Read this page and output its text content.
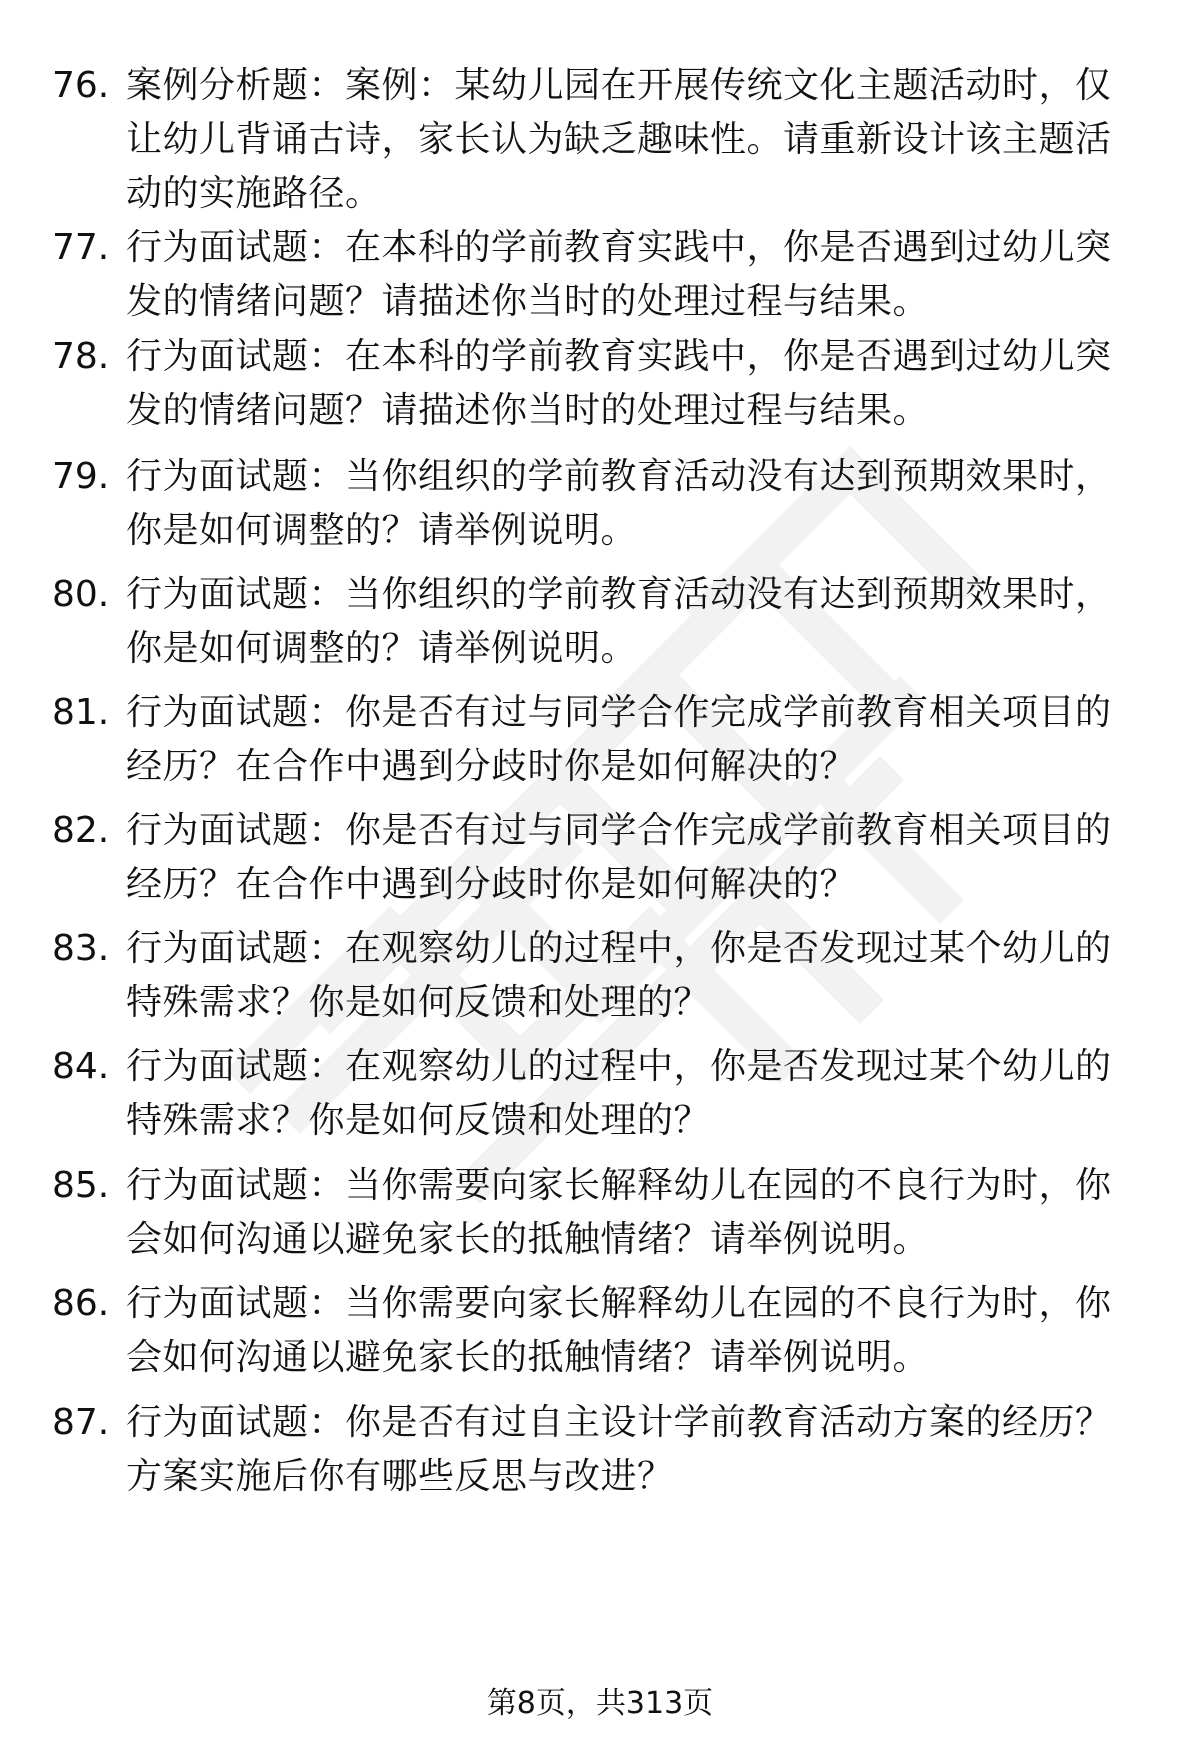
76. 案例分析题：案例：某幼儿园在开展传统文化主题活动时，仅让幼儿背诵古诗，家长认为缺乏趣味性。请重新设计该主题活动的实施路径。
77. 行为面试题：在本科的学前教育实践中，你是否遇到过幼儿突发的情绪问题？请描述你当时的处理过程与结果。
78. 行为面试题：在本科的学前教育实践中，你是否遇到过幼儿突发的情绪问题？请描述你当时的处理过程与结果。
79. 行为面试题：当你组织的学前教育活动没有达到预期效果时，你是如何调整的？请举例说明。
80. 行为面试题：当你组织的学前教育活动没有达到预期效果时，你是如何调整的？请举例说明。
81. 行为面试题：你是否有过与同学合作完成学前教育相关项目的经历？在合作中遇到分歧时你是如何解决的？
82. 行为面试题：你是否有过与同学合作完成学前教育相关项目的经历？在合作中遇到分歧时你是如何解决的？
83. 行为面试题：在观察幼儿的过程中，你是否发现过某个幼儿的特殊需求？你是如何反馈和处理的？
84. 行为面试题：在观察幼儿的过程中，你是否发现过某个幼儿的特殊需求？你是如何反馈和处理的？
85. 行为面试题：当你需要向家长解释幼儿在园的不良行为时，你会如何沟通以避免家长的抵触情绪？请举例说明。
86. 行为面试题：当你需要向家长解释幼儿在园的不良行为时，你会如何沟通以避免家长的抵触情绪？请举例说明。
87. 行为面试题：你是否有过自主设计学前教育活动方案的经历？方案实施后你有哪些反思与改进？
第8页，共313页
